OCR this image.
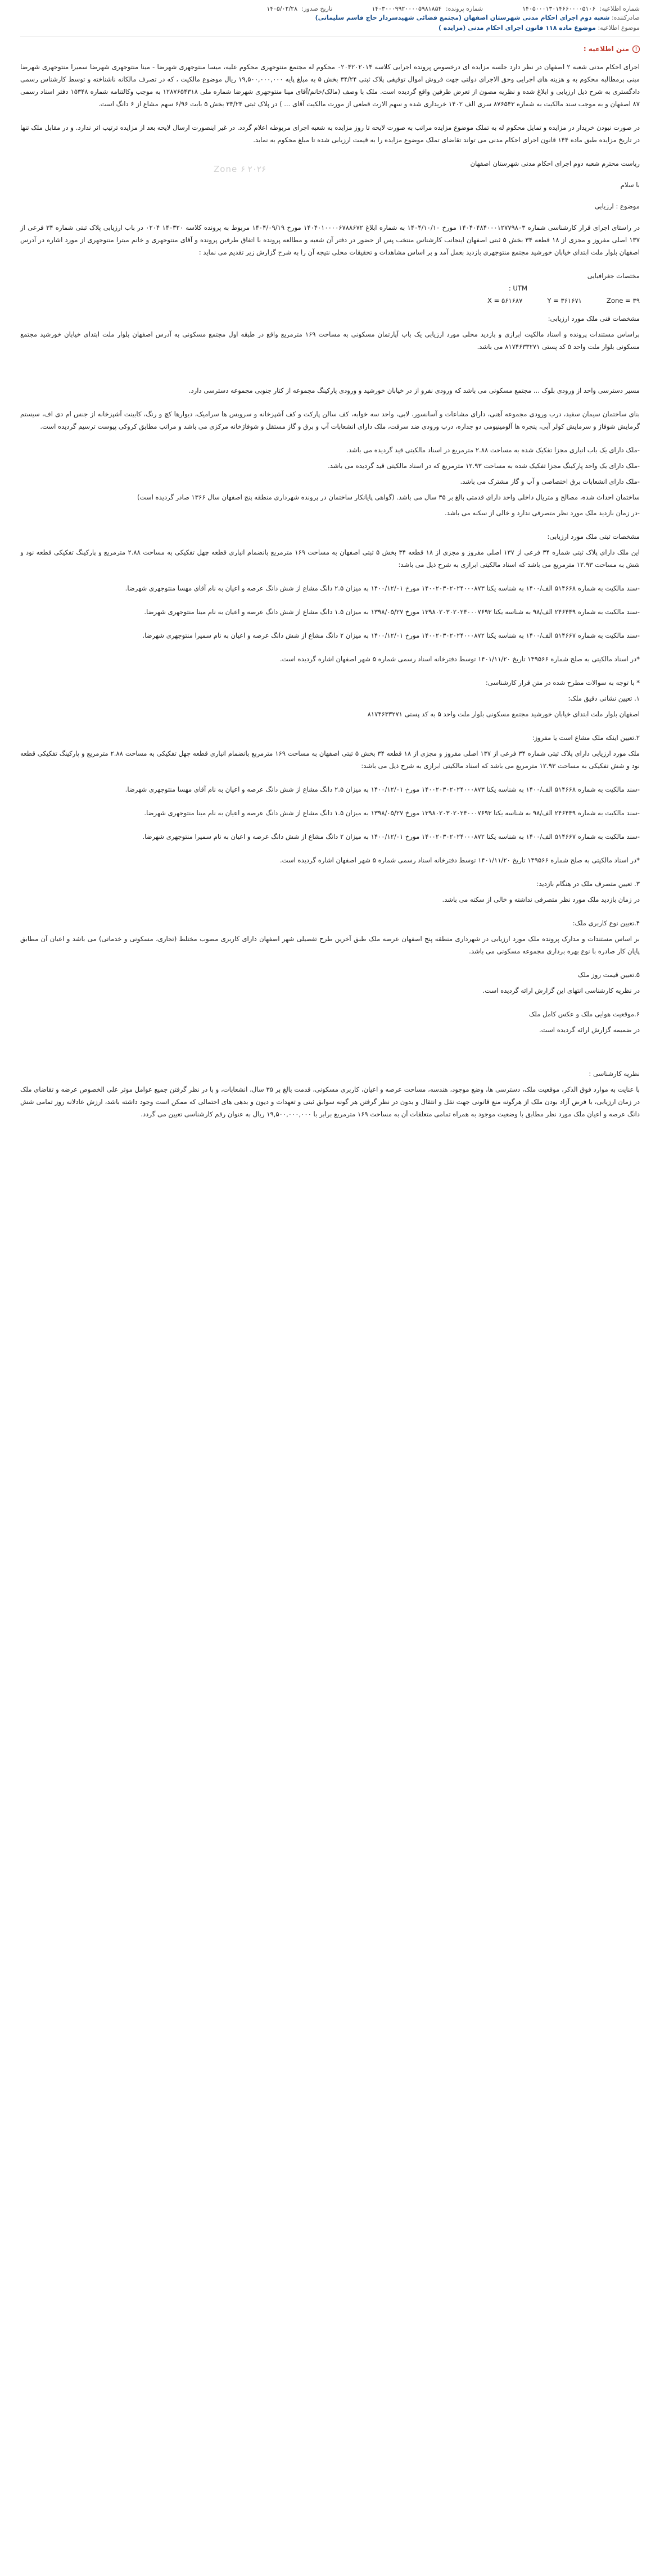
شماره اطلاعیه: ۱۴۰۵۰۰۰۱۳۰۱۴۶۶۰۰۰۰۵۱۰۶
شماره پرونده: ۱۴۰۳۰۰۰۹۹۲۰۰۰۰۵۹۸۱۸۵۴
تاریخ صدور: ۱۴۰۵/۰۲/۲۸
صادرکننده: شعبه دوم اجرای احکام مدنی شهرستان اصفهان (مجتمع قضائی شهیدسردار حاج قاسم سلیمانی)
موضوع اطلاعیه: موضوع ماده ۱۱۸ قانون اجرای احکام مدنی (مزایده )
متن اطلاعیه :
Zone ۶ ۲۰۲۶

اجرای احکام مدنی شعبه ۲ اصفهان در نظر دارد جلسه مزایده ای درخصوص پرونده اجرایی کلاسه ۰۲۰۴۲۰۲۰۱۴ محکوم له مجتمع منتوجهری محکوم علیه، میسا منتوجهری شهرضا - مینا منتوجهری شهرضا سمیرا منتوجهری شهرضا مبنی برمطالبه محکوم به و هزینه های اجرایی وحق الاجرای دولتی جهت فروش اموال توقیفی پلاک ثبتی ۳۴/۲۴ بخش ۵ به مبلغ پایه ۱۹,۵۰۰,۰۰۰,۰۰۰ ریال موضوع مالکیت ، که در تصرف مالکانه ناشناخته و توسط کارشناس رسمی دادگستری به شرح ذیل ارزیابی و ابلاغ شده و نظریه مصون از تعرض طرفین واقع گردیده است. ملک با وصف (مالک/خانم/آقای مینا منتوجهری شهرضا شماره ملی ۱۲۸۷۶۵۴۳۱۸ به موجب وکالتنامه شماره ۱۵۳۴۸ دفتر اسناد رسمی ۸۷ اصفهان و به موجب سند مالکیت به شماره ۸۷۶۵۴۳ سری الف ۱۴۰۲ خریداری شده و سهم الارث قطعی از مورث مالکیت آقای ... ) در پلاک ثبتی ۳۴/۲۴ بخش ۵ بابت ۶/۹۶ سهم مشاع از ۶ دانگ است.

در صورت نبودن خریدار در مزایده و تمایل محکوم له به تملک موضوع مزایده مراتب به صورت لایحه تا روز مزایده به شعبه اجرای مربوطه اعلام گردد. در غیر اینصورت ارسال لایحه بعد از مزایده ترتیب اثر ندارد. و در مقابل ملک تنها در تاریخ مزایده طبق ماده ۱۴۴ قانون اجرای احکام مدنی می تواند تقاضای تملک موضوع مزایده را به قیمت ارزیابی شده تا مبلغ محکوم به نماید.

ریاست محترم شعبه دوم اجرای احکام مدنی شهرستان اصفهان

با سلام

موضوع : ارزیابی

در راستای اجرای قرار کارشناسی شماره ۱۴۰۴۰۴۸۴۰۰۰۱۲۷۷۹۸۰۳ مورخ ۱۴۰۴/۱۰/۱۰ به شماره ابلاغ ۱۴۰۴۰۱۰۰۰۰۶۷۸۸۶۷۲ مورخ ۱۴۰۴/۰۹/۱۹ مربوط به پرونده کلاسه ۱۴۰۳۲۰ ۰۲۰۴ در باب ارزیابی پلاک ثبتی شماره ۳۴ فرعی از ۱۳۷ اصلی مفروز و مجزی از ۱۸ قطعه ۳۴ بخش ۵ ثبتی اصفهان اینجانب کارشناس منتخب پس از حضور در دفتر آن شعبه و مطالعه پرونده با اتفاق طرفین پرونده و آقای منتوجهری و خانم میترا منتوجهری از مورد اشاره در آدرس اصفهان بلوار ملت ابتدای خیابان خورشید مجتمع منتوجهری بازدید بعمل آمد و بر اساس مشاهدات و تحقیقات محلی نتیجه آن را به شرح گزارش زیر تقدیم می نماید :

مختصات جغرافیایی

UTM :

Zone = ۳۹
Y = ۳۶۱۶۷۱
X = ۵۶۱۶۸۷

مشخصات فنی ملک مورد ارزیابی:

براساس مستندات پرونده و اسناد مالکیت ابرازی و بازدید محلی مورد ارزیابی یک باب آپارتمان مسکونی به مساحت ۱۶۹ مترمربع واقع در طبقه اول مجتمع مسکونی به آدرس اصفهان بلوار ملت ابتدای خیابان خورشید مجتمع مسکونی بلوار ملت واحد ۵ کد پستی ۸۱۷۴۶۳۳۲۷۱ می باشد.

مسیر دسترسی واحد از ورودی بلوک ... مجتمع مسکونی می باشد که ورودی نفرو از در خیابان خورشید و ورودی پارکینگ مجموعه از کنار جنوبی مجموعه دسترسی دارد.

بنای ساختمان سیمان سفید، درب ورودی مجموعه آهنی، دارای مشاعات و آسانسور، لابی، واحد سه خوابه، کف سالن پارکت و کف آشپزخانه و سرویس ها سرامیک، دیوارها کچ و رنگ، کابینت آشپزخانه از جنس ام دی اف، سیستم گرمایش شوفاژ و سرمایش کولر آبی، پنجره ها آلومینیومی دو جداره، درب ورودی ضد سرقت، ملک دارای انشعابات آب و برق و گاز مستقل و شوفاژخانه مرکزی می باشد و مراتب مطابق کروکی پیوست ترسیم گردیده است.

-ملک دارای یک باب انباری مجزا تفکیک شده به مساحت ۲.۸۸ مترمربع در اسناد مالکیتی قید گردیده می باشد.

-ملک دارای یک واحد پارکینگ مجزا تفکیک شده به مساحت ۱۲.۹۳ مترمربع که در اسناد مالکیتی قید گردیده می باشد.

-ملک دارای انشعابات برق اختصاصی و آب و گاز مشترک می باشد.

ساختمان احداث شده، مصالح و متریال داخلی واحد دارای قدمتی بالغ بر ۳۵ سال می باشد. (گواهی پایانکار ساختمان در پرونده شهرداری منطقه پنج اصفهان سال ۱۳۶۶ صادر گردیده است)

-در زمان بازدید ملک مورد نظر متصرفی ندارد و خالی از سکنه می باشد.

مشخصات ثبتی ملک مورد ارزیابی:

این ملک دارای پلاک ثبتی شماره ۳۴ فرعی از ۱۳۷ اصلی مفروز و مجزی از ۱۸ قطعه ۳۴ بخش ۵ ثبتی اصفهان به مساحت ۱۶۹ مترمربع بانضمام انباری قطعه چهل تفکیکی به مساحت ۲.۸۸ مترمربع و پارکینگ تفکیکی قطعه نود و شش به مساحت ۱۲.۹۳ مترمربع می باشد که اسناد مالکیتی ابرازی به شرح ذیل می باشد:

-سند مالکیت به شماره ۵۱۴۶۶۸ الف/۱۴۰۰ به شناسه یکتا ۱۴۰۰۲۰۳۰۲۰۲۴۰۰۰۸۷۳ مورخ ۱۴۰۰/۱۲/۰۱ به میزان ۲.۵ دانگ مشاع از شش دانگ عرصه و اعیان به نام آقای مهسا منتوجهری شهرضا.

-سند مالکیت به شماره ۲۴۶۴۴۹ الف/۹۸ به شناسه یکتا ۱۳۹۸۰۲۰۳۰۲۰۲۴۰۰۰۷۶۹۳ مورخ ۱۳۹۸/۰۵/۲۷ به میزان ۱.۵ دانگ مشاع از شش دانگ عرصه و اعیان به نام مینا منتوجهری شهرضا.

-سند مالکیت به شماره ۵۱۴۶۶۷ الف/۱۴۰۰ به شناسه یکتا ۱۴۰۰۲۰۳۰۲۰۲۴۰۰۰۸۷۲ مورخ ۱۴۰۰/۱۲/۰۱ به میزان ۲ دانگ مشاع از شش دانگ عرصه و اعیان به نام سمیرا منتوجهری شهرضا.

*در اسناد مالکیتی به صلح شماره ۱۴۹۵۶۶ تاریخ ۱۴۰۱/۱۱/۲۰ توسط دفترخانه اسناد رسمی شماره ۵ شهر اصفهان اشاره گردیده است.

* با توجه به سوالات مطرح شده در متن قرار کارشناسی:

۱. تعیین نشانی دقیق ملک:

اصفهان بلوار ملت ابتدای خیابان خورشید مجتمع مسکونی بلوار ملت واحد ۵ به کد پستی ۸۱۷۴۶۳۳۲۷۱

۲.تعیین اینکه ملک مشاع است یا مفروز:

ملک مورد ارزیابی دارای پلاک ثبتی شماره ۳۴ فرعی از ۱۳۷ اصلی مفروز و مجزی از ۱۸ قطعه ۳۴ بخش ۵ ثبتی اصفهان به مساحت ۱۶۹ مترمربع بانضمام انباری قطعه چهل تفکیکی به مساحت ۲.۸۸ مترمربع و پارکینگ تفکیکی قطعه نود و شش تفکیکی به مساحت ۱۲.۹۳ مترمربع می باشد که اسناد مالکیتی ابرازی به شرح ذیل می باشد:

-سند مالکیت به شماره ۵۱۴۶۶۸ الف/۱۴۰۰ به شناسه یکتا ۱۴۰۰۲۰۳۰۲۰۲۴۰۰۰۸۷۳ مورخ ۱۴۰۰/۱۲/۰۱ به میزان ۲.۵ دانگ مشاع از شش دانگ عرصه و اعیان به نام آقای مهسا منتوجهری شهرضا.

-سند مالکیت به شماره ۲۴۶۴۴۹ الف/۹۸ به شناسه یکتا ۱۳۹۸۰۲۰۳۰۲۰۲۴۰۰۰۷۶۹۳ مورخ ۱۳۹۸/۰۵/۲۷ به میزان ۱.۵ دانگ مشاع از شش دانگ عرصه و اعیان به نام مینا منتوجهری شهرضا.

-سند مالکیت به شماره ۵۱۴۶۶۷ الف/۱۴۰۰ به شناسه یکتا ۱۴۰۰۲۰۳۰۲۰۲۴۰۰۰۸۷۲ مورخ ۱۴۰۰/۱۲/۰۱ به میزان ۲ دانگ مشاع از شش دانگ عرصه و اعیان به نام سمیرا منتوجهری شهرضا.

*در اسناد مالکیتی به صلح شماره ۱۴۹۵۶۶ تاریخ ۱۴۰۱/۱۱/۲۰ توسط دفترخانه اسناد رسمی شماره ۵ شهر اصفهان اشاره گردیده است.

۳. تعیین متصرف ملک در هنگام بازدید:

در زمان بازدید ملک مورد نظر متصرفی نداشته و خالی از سکنه می باشد.

۴.تعیین نوع کاربری ملک:

بر اساس مستندات و مدارک پرونده ملک مورد ارزیابی در شهرداری منطقه پنج اصفهان عرصه ملک طبق آخرین طرح تفصیلی شهر اصفهان دارای کاربری مصوب مختلط (تجاری، مسکونی و خدماتی) می باشد و اعیان آن مطابق پایان کار صادره با نوع بهره برداری مجموعه مسکونی می باشد.

۵.تعیین قیمت روز ملک

در نظریه کارشناسی انتهای این گزارش ارائه گردیده است.

۶.موقعیت هوایی ملک و عکس کامل ملک

در ضمیمه گزارش ارائه گردیده است.

نظریه کارشناسی :

با عنایت به موارد فوق الذکر، موقعیت ملک، دسترسی ها، وضع موجود، هندسه، مساحت عرصه و اعیان، کاربری مسکونی، قدمت بالغ بر ۳۵ سال، انشعابات، و با در نظر گرفتن جمیع عوامل موثر علی الخصوص عرضه و تقاضای ملک در زمان ارزیابی، با فرض آزاد بودن ملک از هرگونه منع قانونی جهت نقل و انتقال و بدون در نظر گرفتن هر گونه سوابق ثبتی و تعهدات و دیون و بدهی های احتمالی که ممکن است وجود داشته باشد، ارزش عادلانه روز تمامی شش دانگ عرصه و اعیان ملک مورد نظر مطابق با وضعیت موجود به همراه تمامی متعلقات آن به مساحت ۱۶۹ مترمربع برابر با ۱۹,۵۰۰,۰۰۰,۰۰۰ ریال به عنوان رقم کارشناسی تعیین می گردد.
